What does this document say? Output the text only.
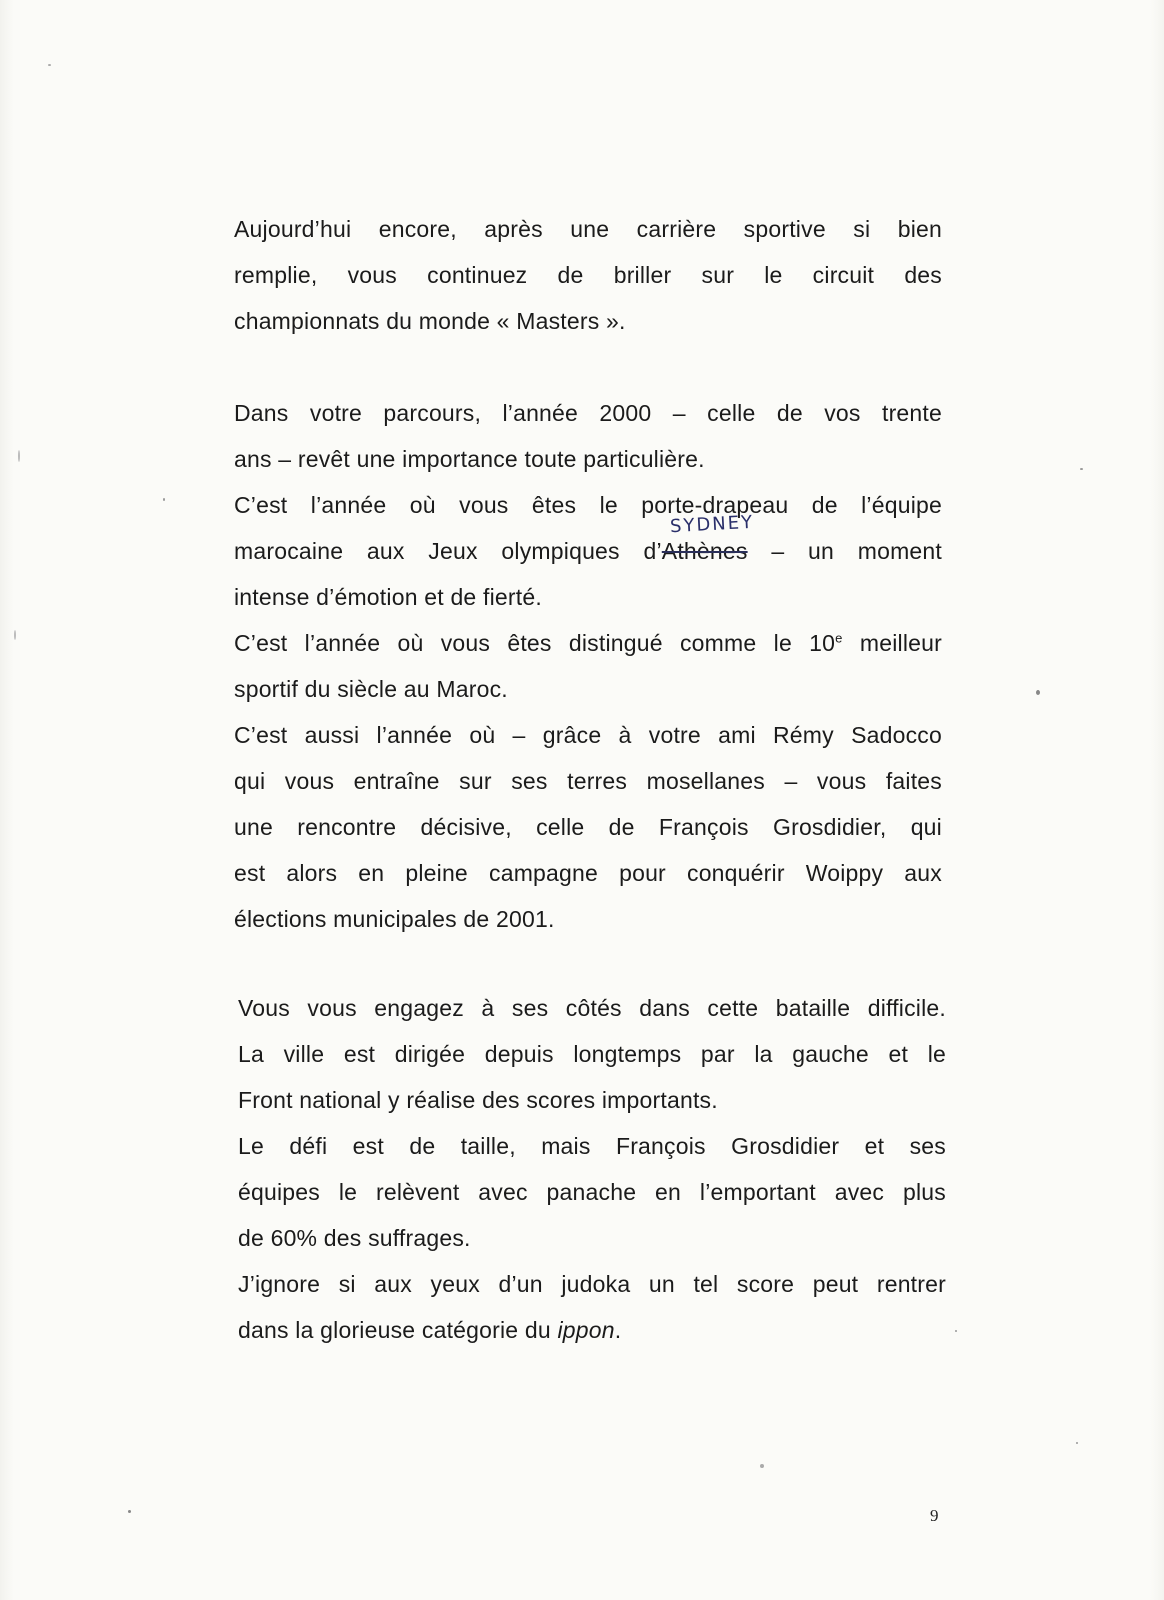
Aujourd’hui encore, après une carrière sportive si bien
remplie, vous continuez de briller sur le circuit des
championnats du monde « Masters ».
Dans votre parcours, l’année 2000 – celle de vos trente
ans – revêt une importance toute particulière.
C’est l’année où vous êtes le porte-drapeau de l’équipe
marocaine aux Jeux olympiques d’
SYDNEY
Athènes – un moment
intense d’émotion et de fierté.
C’est l’année où vous êtes distingué comme le 10e meilleur
sportif du siècle au Maroc.
C’est aussi l’année où – grâce à votre ami Rémy Sadocco
qui vous entraîne sur ses terres mosellanes – vous faites
une rencontre décisive, celle de François Grosdidier, qui
est alors en pleine campagne pour conquérir Woippy aux
élections municipales de 2001.
Vous vous engagez à ses côtés dans cette bataille difficile.
La ville est dirigée depuis longtemps par la gauche et le
Front national y réalise des scores importants.
Le défi est de taille, mais François Grosdidier et ses
équipes le relèvent avec panache en l’emportant avec plus
de 60% des suffrages.
J’ignore si aux yeux d’un judoka un tel score peut rentrer
dans la glorieuse catégorie du ippon.
9
